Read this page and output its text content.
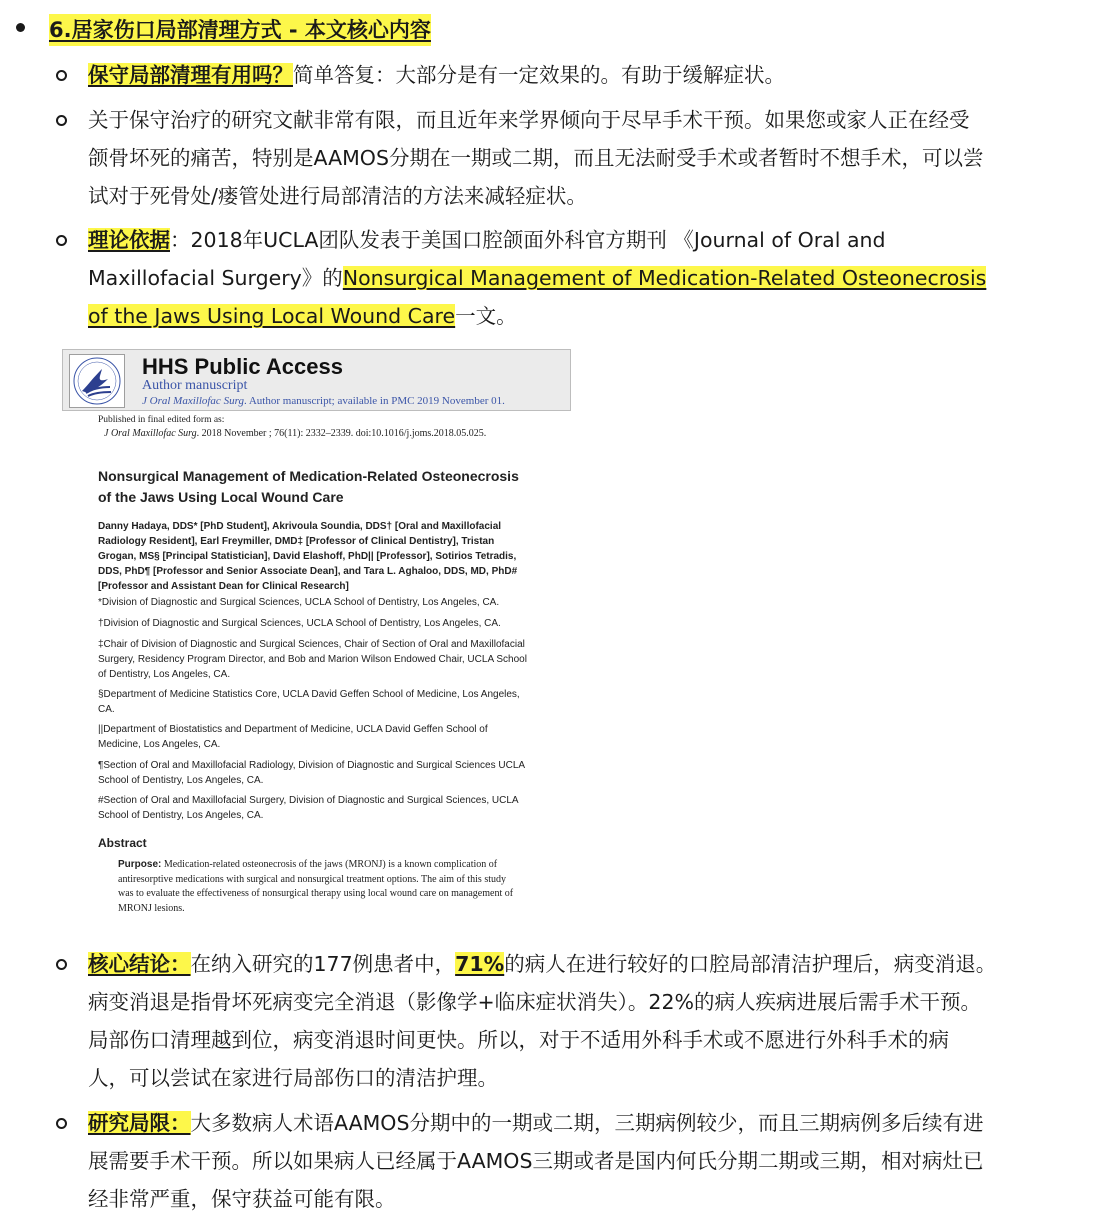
6.居家伤口局部清理方式 - 本文核心内容
保守局部清理有用吗？简单答复：大部分是有一定效果的。有助于缓解症状。
关于保守治疗的研究文献非常有限，而且近年来学界倾向于尽早手术干预。如果您或家人正在经受
颌骨坏死的痛苦，特别是AAMOS分期在一期或二期，而且无法耐受手术或者暂时不想手术，可以尝
试对于死骨处/瘘管处进行局部清洁的方法来减轻症状。
理论依据：2018年UCLA团队发表于美国口腔颌面外科官方期刊 《Journal of Oral and
Maxillofacial Surgery》的Nonsurgical Management of Medication-Related Osteonecrosis
of the Jaws Using Local Wound Care一文。
HHS Public Access
Author manuscript
J Oral Maxillofac Surg. Author manuscript; available in PMC 2019 November 01.
Published in final edited form as:
J Oral Maxillofac Surg. 2018 November ; 76(11): 2332–2339. doi:10.1016/j.joms.2018.05.025.
Nonsurgical Management of Medication-Related Osteonecrosis
of the Jaws Using Local Wound Care
Danny Hadaya, DDS* [PhD Student], Akrivoula Soundia, DDS† [Oral and Maxillofacial
Radiology Resident], Earl Freymiller, DMD‡ [Professor of Clinical Dentistry], Tristan
Grogan, MS§ [Principal Statistician], David Elashoff, PhD|| [Professor], Sotirios Tetradis,
DDS, PhD¶ [Professor and Senior Associate Dean], and Tara L. Aghaloo, DDS, MD, PhD#
[Professor and Assistant Dean for Clinical Research]
*Division of Diagnostic and Surgical Sciences, UCLA School of Dentistry, Los Angeles, CA.
†Division of Diagnostic and Surgical Sciences, UCLA School of Dentistry, Los Angeles, CA.
‡Chair of Division of Diagnostic and Surgical Sciences, Chair of Section of Oral and Maxillofacial
Surgery, Residency Program Director, and Bob and Marion Wilson Endowed Chair, UCLA School
of Dentistry, Los Angeles, CA.
§Department of Medicine Statistics Core, UCLA David Geffen School of Medicine, Los Angeles,
CA.
||Department of Biostatistics and Department of Medicine, UCLA David Geffen School of
Medicine, Los Angeles, CA.
¶Section of Oral and Maxillofacial Radiology, Division of Diagnostic and Surgical Sciences UCLA
School of Dentistry, Los Angeles, CA.
#Section of Oral and Maxillofacial Surgery, Division of Diagnostic and Surgical Sciences, UCLA
School of Dentistry, Los Angeles, CA.
Abstract
Purpose: Medication-related osteonecrosis of the jaws (MRONJ) is a known complication of
antiresorptive medications with surgical and nonsurgical treatment options. The aim of this study
was to evaluate the effectiveness of nonsurgical therapy using local wound care on management of
MRONJ lesions.
核心结论：在纳入研究的177例患者中，71%的病人在进行较好的口腔局部清洁护理后，病变消退。
病变消退是指骨坏死病变完全消退（影像学+临床症状消失）。22%的病人疾病进展后需手术干预。
局部伤口清理越到位，病变消退时间更快。所以，对于不适用外科手术或不愿进行外科手术的病
人，可以尝试在家进行局部伤口的清洁护理。
研究局限：大多数病人术语AAMOS分期中的一期或二期，三期病例较少，而且三期病例多后续有进
展需要手术干预。所以如果病人已经属于AAMOS三期或者是国内何氏分期二期或三期，相对病灶已
经非常严重，保守获益可能有限。
